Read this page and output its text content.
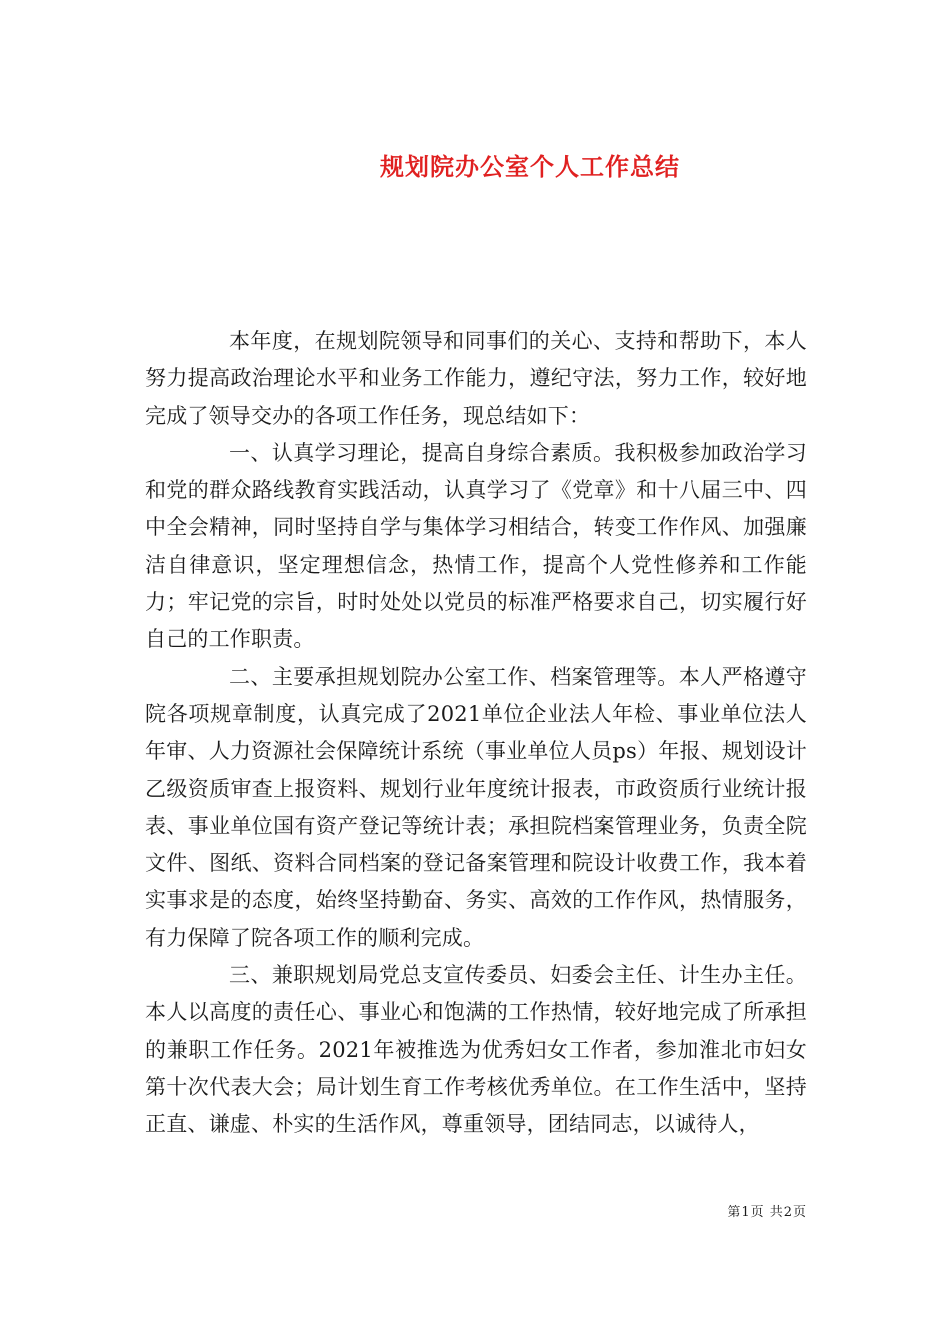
规划院办公室个人工作总结

本年度，在规划院领导和同事们的关心、支持和帮助下，本人努力提高政治理论水平和业务工作能力，遵纪守法，努力工作，较好地完成了领导交办的各项工作任务，现总结如下：

一、认真学习理论，提高自身综合素质。我积极参加政治学习和党的群众路线教育实践活动，认真学习了《党章》和十八届三中、四中全会精神，同时坚持自学与集体学习相结合，转变工作作风、加强廉洁自律意识，坚定理想信念，热情工作，提高个人党性修养和工作能力；牢记党的宗旨，时时处处以党员的标准严格要求自己，切实履行好自己的工作职责。

二、主要承担规划院办公室工作、档案管理等。本人严格遵守院各项规章制度，认真完成了2021单位企业法人年检、事业单位法人年审、人力资源社会保障统计系统（事业单位人员ps）年报、规划设计乙级资质审查上报资料、规划行业年度统计报表，市政资质行业统计报表、事业单位国有资产登记等统计表；承担院档案管理业务，负责全院文件、图纸、资料合同档案的登记备案管理和院设计收费工作，我本着实事求是的态度，始终坚持勤奋、务实、高效的工作作风，热情服务，有力保障了院各项工作的顺利完成。

三、兼职规划局党总支宣传委员、妇委会主任、计生办主任。本人以高度的责任心、事业心和饱满的工作热情，较好地完成了所承担的兼职工作任务。2021年被推选为优秀妇女工作者，参加淮北市妇女第十次代表大会；局计划生育工作考核优秀单位。在工作生活中，坚持正直、谦虚、朴实的生活作风，尊重领导，团结同志，以诚待人，

第1页 共2页
